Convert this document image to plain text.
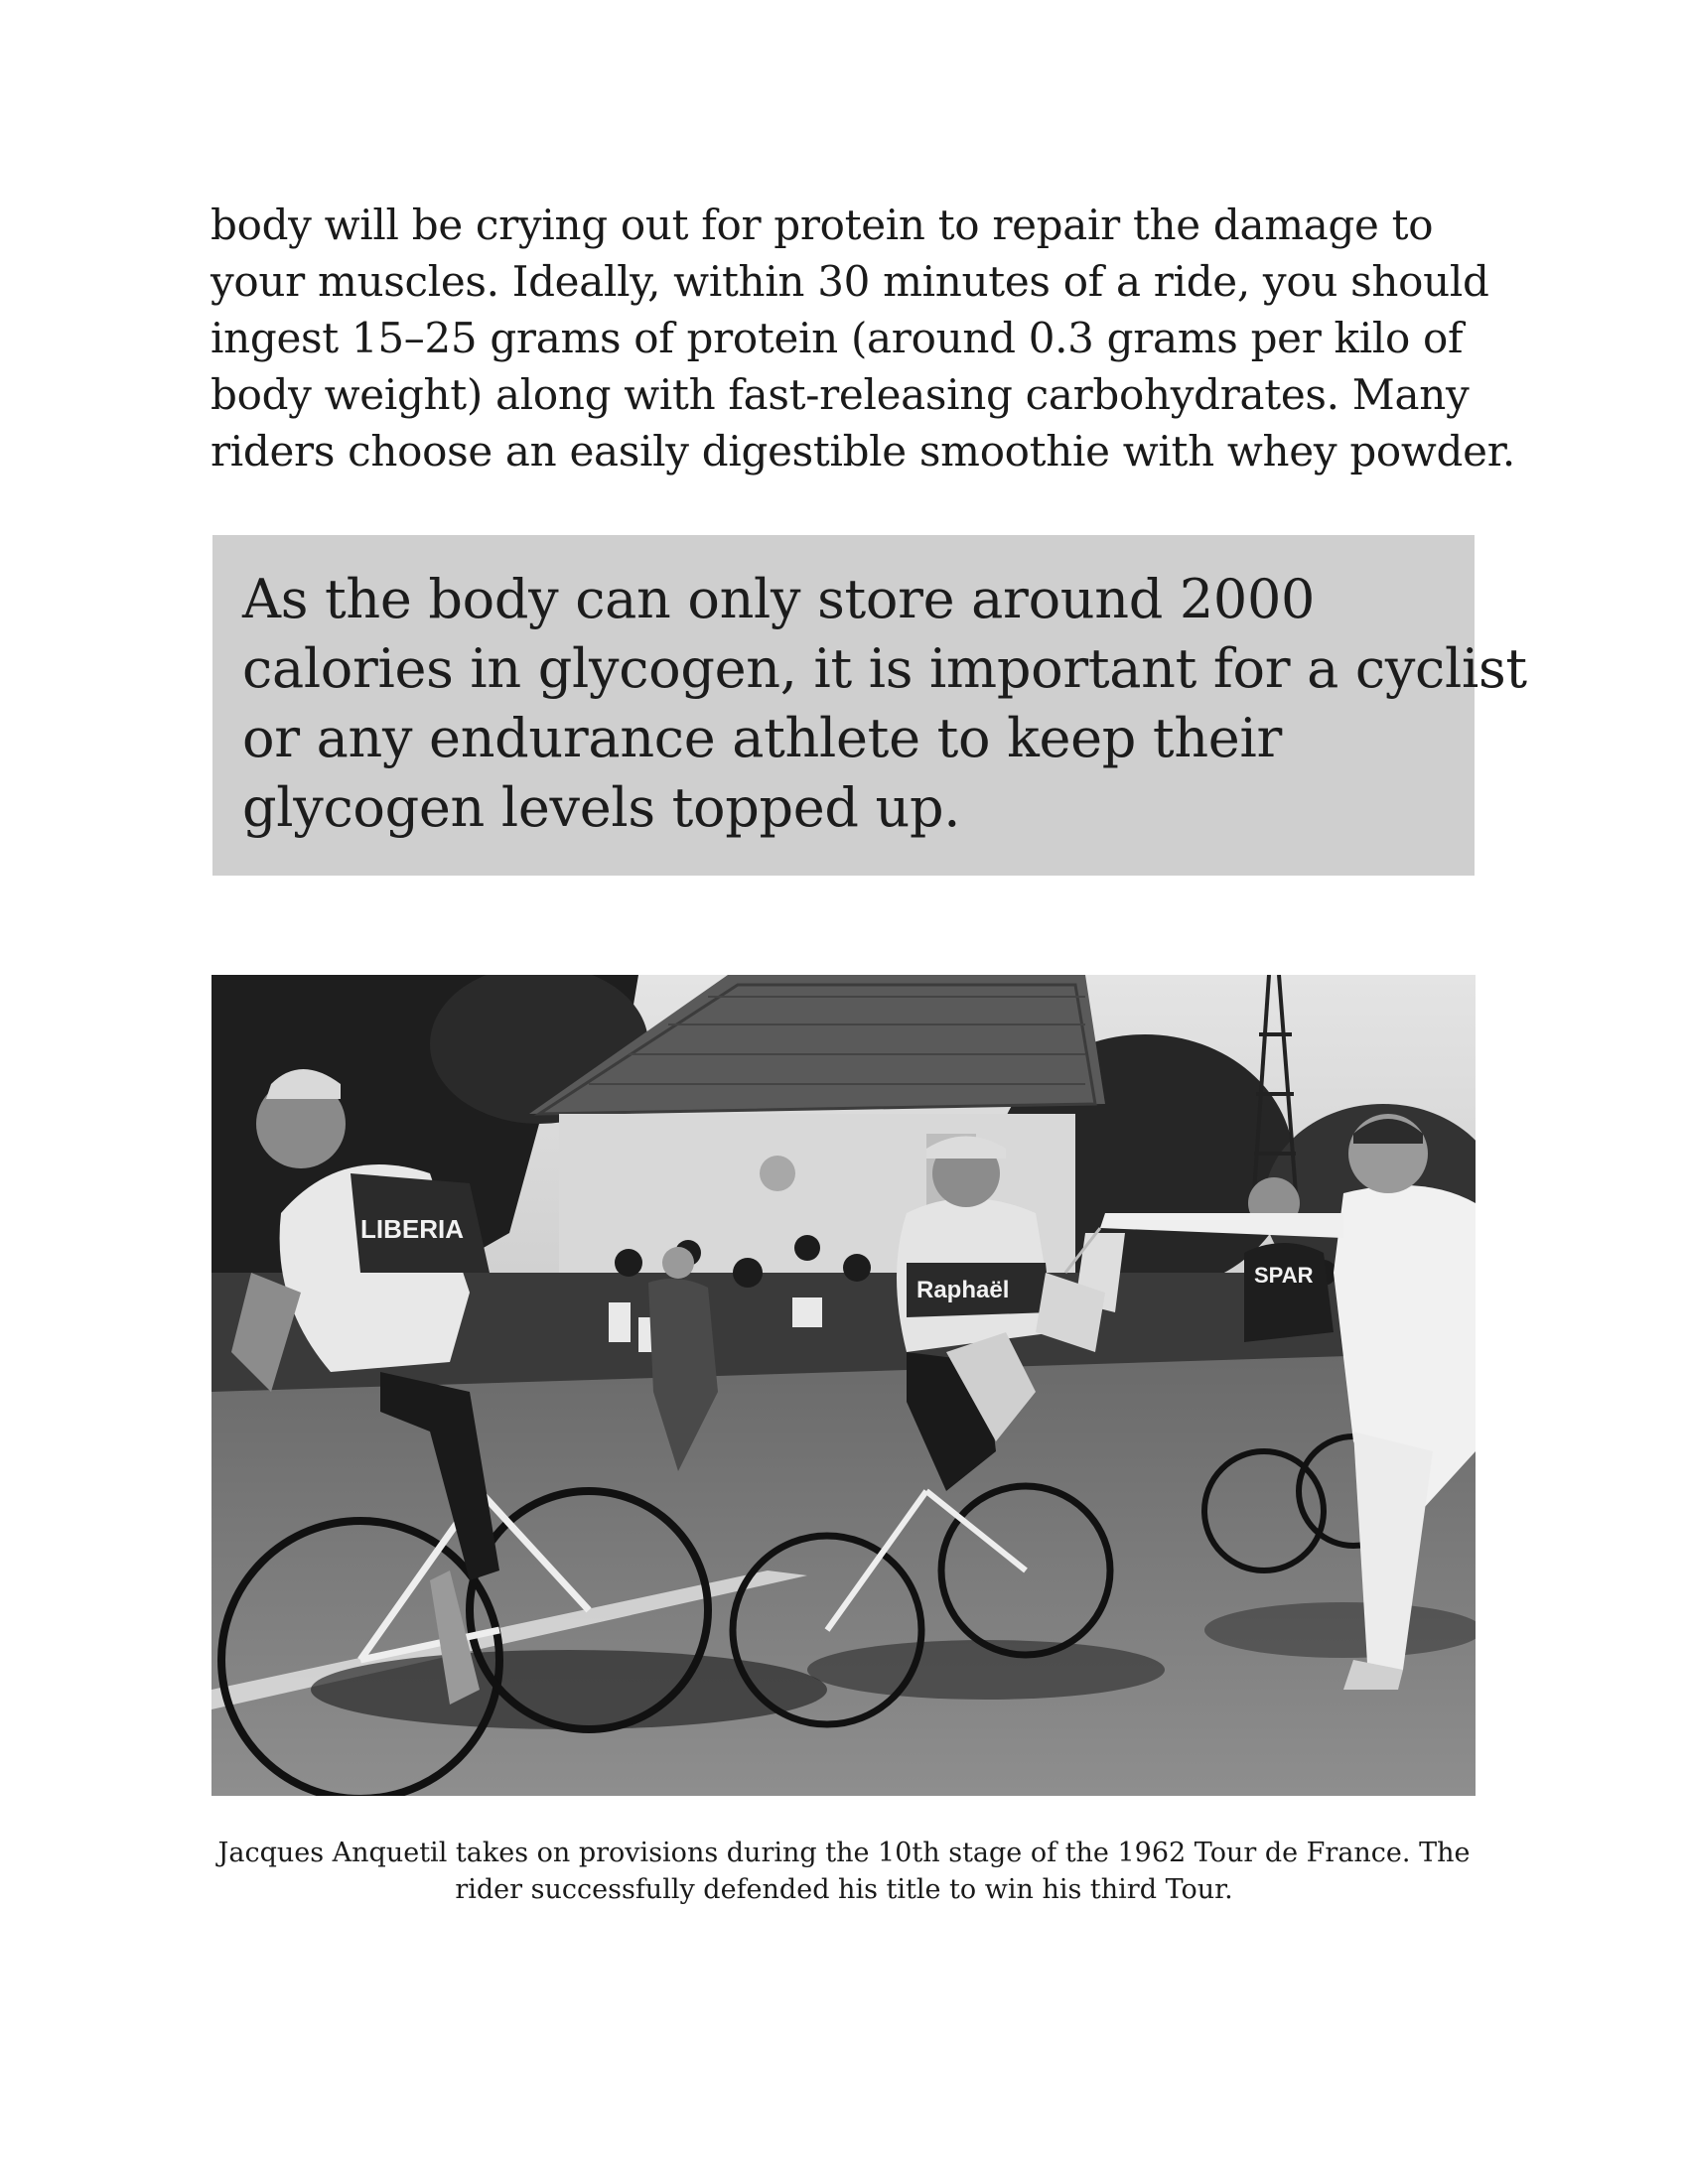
body will be crying out for protein to repair the damage to
your muscles. Ideally, within 30 minutes of a ride, you should
ingest 15–25 grams of protein (around 0.3 grams per kilo of
body weight) along with fast-releasing carbohydrates. Many
riders choose an easily digestible smoothie with whey powder.

As the body can only store around 2000
calories in glycogen, it is important for a cyclist
or any endurance athlete to keep their
glycogen levels topped up.

LIBERIA
Raphaël
SPAR

Jacques Anquetil takes on provisions during the 10th stage of the 1962 Tour de France. The
rider successfully defended his title to win his third Tour.
